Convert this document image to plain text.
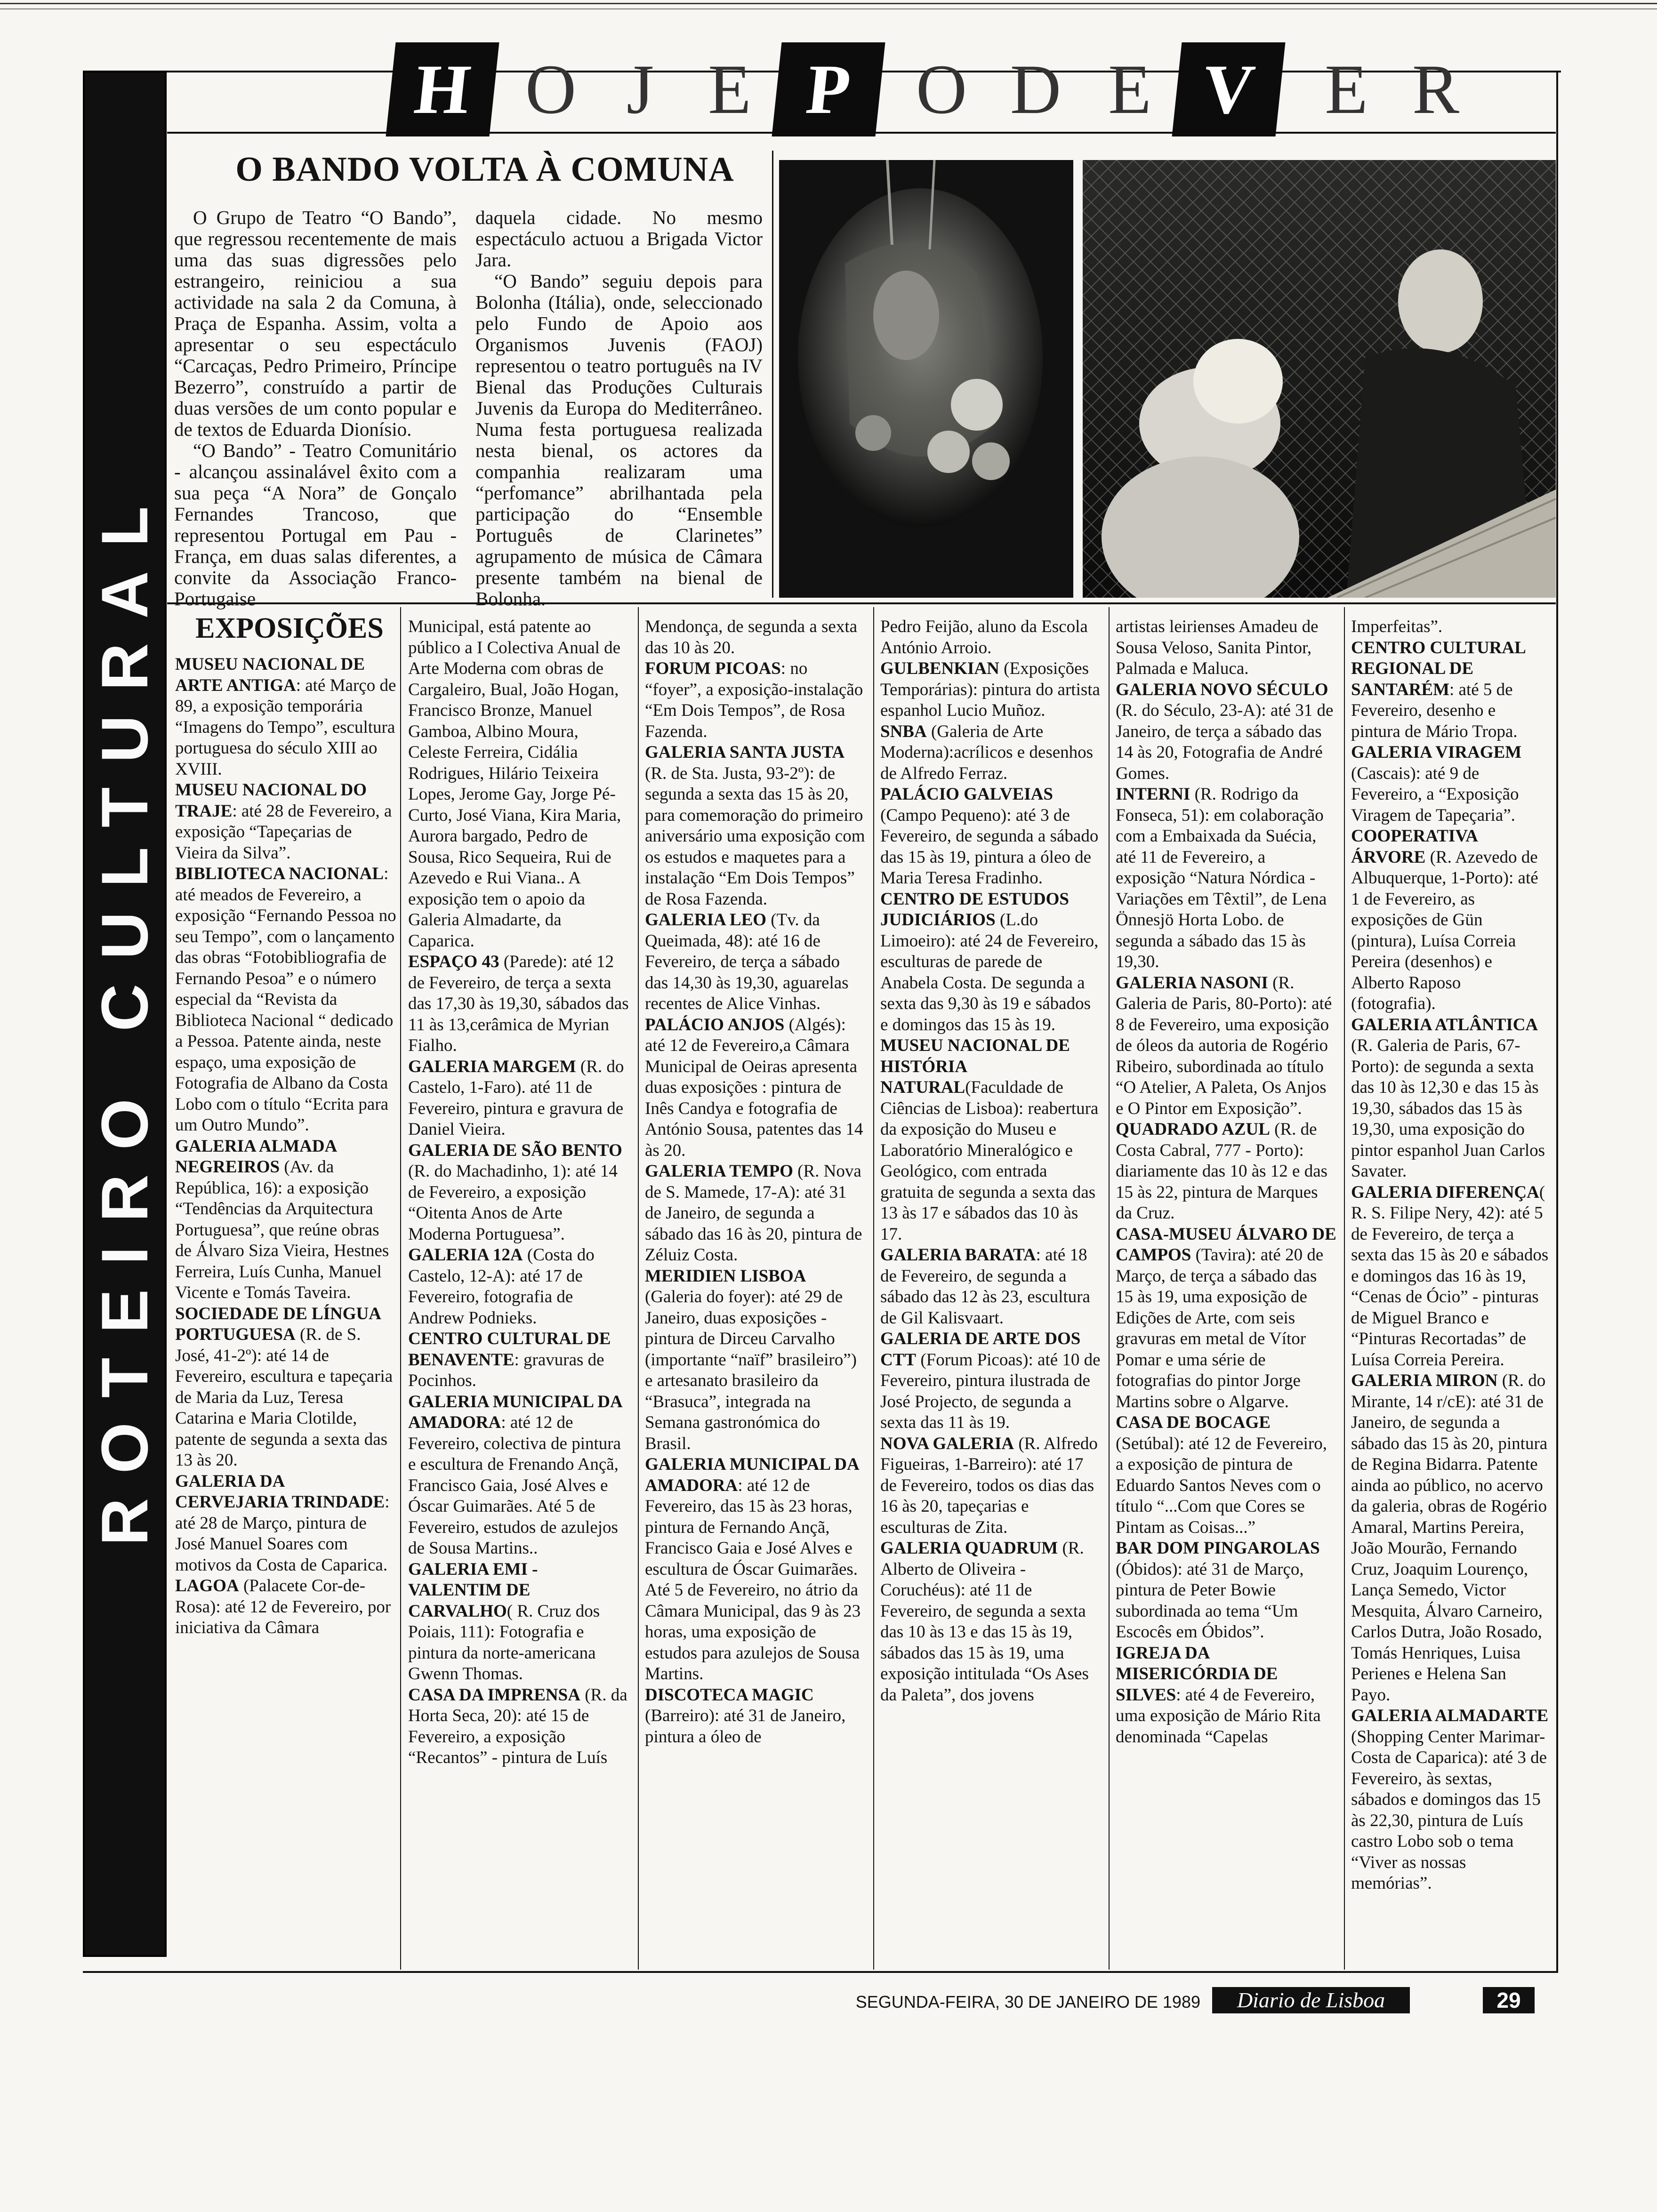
ROTEIRO CULTURAL
H O J E P O D E V E R
O BANDO VOLTA À COMUNA

O Grupo de Teatro “O Bando”, que regressou recentemente de mais uma das suas digressões pelo estrangeiro, reiniciou a sua actividade na sala 2 da Comuna, à Praça de Espanha. Assim, volta a apresentar o seu espectáculo “Carcaças, Pedro Primeiro, Príncipe Bezerro”, construído a partir de duas versões de um conto popular e de textos de Eduarda Dionísio.

“O Bando” - Teatro Comunitário - alcançou assinalável êxito com a sua peça “A Nora” de Gonçalo Fernandes Trancoso, que representou Portugal em Pau - França, em duas salas diferentes, a convite da Associação Franco-Portugaise

daquela cidade. No mesmo espectáculo actuou a Brigada Victor Jara.

“O Bando” seguiu depois para Bolonha (Itália), onde, seleccionado pelo Fundo de Apoio aos Organismos Juvenis (FAOJ) representou o teatro português na IV Bienal das Produções Culturais Juvenis da Europa do Mediterrâneo. Numa festa portuguesa realizada nesta bienal, os actores da companhia realizaram uma “perfomance” abrilhantada pela participação do “Ensemble Português de Clarinetes” agrupamento de música de Câmara presente também na bienal de Bolonha.

EXPOSIÇÕES
MUSEU NACIONAL DE ARTE ANTIGA: até Março de 89, a exposição temporária “Imagens do Tempo”, escultura portuguesa do século XIII ao XVIII.
MUSEU NACIONAL DO TRAJE: até 28 de Fevereiro, a exposição “Tapeçarias de Vieira da Silva”.
BIBLIOTECA NACIONAL: até meados de Fevereiro, a exposição “Fernando Pessoa no seu Tempo”, com o lançamento das obras “Fotobibliografia de Fernando Pesoa” e o número especial da “Revista da Biblioteca Nacional “ dedicado a Pessoa. Patente ainda, neste espaço, uma exposição de Fotografia de Albano da Costa Lobo com o título “Ecrita para um Outro Mundo”.
GALERIA ALMADA NEGREIROS (Av. da República, 16): a exposição “Tendências da Arquitectura Portuguesa”, que reúne obras de Álvaro Siza Vieira, Hestnes Ferreira, Luís Cunha, Manuel Vicente e Tomás Taveira.
SOCIEDADE DE LÍNGUA PORTUGUESA (R. de S. José, 41-2º): até 14 de Fevereiro, escultura e tapeçaria de Maria da Luz, Teresa Catarina e Maria Clotilde, patente de segunda a sexta das 13 às 20.
GALERIA DA CERVEJARIA TRINDADE: até 28 de Março, pintura de José Manuel Soares com motivos da Costa de Caparica.
LAGOA (Palacete Cor-de-Rosa): até 12 de Fevereiro, por iniciativa da Câmara
Municipal, está patente ao público a I Colectiva Anual de Arte Moderna com obras de Cargaleiro, Bual, João Hogan, Francisco Bronze, Manuel Gamboa, Albino Moura, Celeste Ferreira, Cidália Rodrigues, Hilário Teixeira Lopes, Jerome Gay, Jorge Pé-Curto, José Viana, Kira Maria, Aurora bargado, Pedro de Sousa, Rico Sequeira, Rui de Azevedo e Rui Viana.. A exposição tem o apoio da Galeria Almadarte, da Caparica.
ESPAÇO 43 (Parede): até 12 de Fevereiro, de terça a sexta das 17,30 às 19,30, sábados das 11 às 13,cerâmica de Myrian Fialho.
GALERIA MARGEM (R. do Castelo, 1-Faro). até 11 de Fevereiro, pintura e gravura de Daniel Vieira.
GALERIA DE SÃO BENTO (R. do Machadinho, 1): até 14 de Fevereiro, a exposição “Oitenta Anos de Arte Moderna Portuguesa”.
GALERIA 12A (Costa do Castelo, 12-A): até 17 de Fevereiro, fotografia de Andrew Podnieks.
CENTRO CULTURAL DE BENAVENTE: gravuras de Pocinhos.
GALERIA MUNICIPAL DA AMADORA: até 12 de Fevereiro, colectiva de pintura e escultura de Frenando Ançã, Francisco Gaia, José Alves e Óscar Guimarães. Até 5 de Fevereiro, estudos de azulejos de Sousa Martins..
GALERIA EMI - VALENTIM DE CARVALHO( R. Cruz dos Poiais, 111): Fotografia e pintura da norte-americana Gwenn Thomas.
CASA DA IMPRENSA (R. da Horta Seca, 20): até 15 de Fevereiro, a exposição “Recantos” - pintura de Luís
Mendonça, de segunda a sexta das 10 às 20.
FORUM PICOAS: no “foyer”, a exposição-instalação “Em Dois Tempos”, de Rosa Fazenda.
GALERIA SANTA JUSTA (R. de Sta. Justa, 93-2º): de segunda a sexta das 15 às 20, para comemoração do primeiro aniversário uma exposição com os estudos e maquetes para a instalação “Em Dois Tempos” de Rosa Fazenda.
GALERIA LEO (Tv. da Queimada, 48): até 16 de Fevereiro, de terça a sábado das 14,30 às 19,30, aguarelas recentes de Alice Vinhas.
PALÁCIO ANJOS (Algés): até 12 de Fevereiro,a Câmara Municipal de Oeiras apresenta duas exposições : pintura de Inês Candya e fotografia de António Sousa, patentes das 14 às 20.
GALERIA TEMPO (R. Nova de S. Mamede, 17-A): até 31 de Janeiro, de segunda a sábado das 16 às 20, pintura de Zéluiz Costa.
MERIDIEN LISBOA (Galeria do foyer): até 29 de Janeiro, duas exposições - pintura de Dirceu Carvalho (importante “naïf” brasileiro”) e artesanato brasileiro da “Brasuca”, integrada na Semana gastronómica do Brasil.
GALERIA MUNICIPAL DA AMADORA: até 12 de Fevereiro, das 15 às 23 horas, pintura de Fernando Ançã, Francisco Gaia e José Alves e escultura de Óscar Guimarães. Até 5 de Fevereiro, no átrio da Câmara Municipal, das 9 às 23 horas, uma exposição de estudos para azulejos de Sousa Martins.
DISCOTECA MAGIC (Barreiro): até 31 de Janeiro, pintura a óleo de
Pedro Feijão, aluno da Escola António Arroio.
GULBENKIAN (Exposições Temporárias): pintura do artista espanhol Lucio Muñoz.
SNBA (Galeria de Arte Moderna):acrílicos e desenhos de Alfredo Ferraz.
PALÁCIO GALVEIAS (Campo Pequeno): até 3 de Fevereiro, de segunda a sábado das 15 às 19, pintura a óleo de Maria Teresa Fradinho.
CENTRO DE ESTUDOS JUDICIÁRIOS (L.do Limoeiro): até 24 de Fevereiro, esculturas de parede de Anabela Costa. De segunda a sexta das 9,30 às 19 e sábados e domingos das 15 às 19.
MUSEU NACIONAL DE HISTÓRIA NATURAL(Faculdade de Ciências de Lisboa): reabertura da exposição do Museu e Laboratório Mineralógico e Geológico, com entrada gratuita de segunda a sexta das 13 às 17 e sábados das 10 às 17.
GALERIA BARATA: até 18 de Fevereiro, de segunda a sábado das 12 às 23, escultura de Gil Kalisvaart.
GALERIA DE ARTE DOS CTT (Forum Picoas): até 10 de Fevereiro, pintura ilustrada de José Projecto, de segunda a sexta das 11 às 19.
NOVA GALERIA (R. Alfredo Figueiras, 1-Barreiro): até 17 de Fevereiro, todos os dias das 16 às 20, tapeçarias e esculturas de Zita.
GALERIA QUADRUM (R. Alberto de Oliveira - Coruchéus): até 11 de Fevereiro, de segunda a sexta das 10 às 13 e das 15 às 19, sábados das 15 às 19, uma exposição intitulada “Os Ases da Paleta”, dos jovens
artistas leirienses Amadeu de Sousa Veloso, Sanita Pintor, Palmada e Maluca.
GALERIA NOVO SÉCULO (R. do Século, 23-A): até 31 de Janeiro, de terça a sábado das 14 às 20, Fotografia de André Gomes.
INTERNI (R. Rodrigo da Fonseca, 51): em colaboração com a Embaixada da Suécia, até 11 de Fevereiro, a exposição “Natura Nórdica - Variações em Têxtil”, de Lena Önnesjö Horta Lobo. de segunda a sábado das 15 às 19,30.
GALERIA NASONI (R. Galeria de Paris, 80-Porto): até 8 de Fevereiro, uma exposição de óleos da autoria de Rogério Ribeiro, subordinada ao título “O Atelier, A Paleta, Os Anjos e O Pintor em Exposição”.
QUADRADO AZUL (R. de Costa Cabral, 777 - Porto): diariamente das 10 às 12 e das 15 às 22, pintura de Marques da Cruz.
CASA-MUSEU ÁLVARO DE CAMPOS (Tavira): até 20 de Março, de terça a sábado das 15 às 19, uma exposição de Edições de Arte, com seis gravuras em metal de Vítor Pomar e uma série de fotografias do pintor Jorge Martins sobre o Algarve.
CASA DE BOCAGE (Setúbal): até 12 de Fevereiro, a exposição de pintura de Eduardo Santos Neves com o título “...Com que Cores se Pintam as Coisas...”
BAR DOM PINGAROLAS (Óbidos): até 31 de Março, pintura de Peter Bowie subordinada ao tema “Um Escocês em Óbidos”.
IGREJA DA MISERICÓRDIA DE SILVES: até 4 de Fevereiro, uma exposição de Mário Rita denominada “Capelas
Imperfeitas”.
CENTRO CULTURAL REGIONAL DE SANTARÉM: até 5 de Fevereiro, desenho e pintura de Mário Tropa.
GALERIA VIRAGEM (Cascais): até 9 de Fevereiro, a “Exposição Viragem de Tapeçaria”.
COOPERATIVA ÁRVORE (R. Azevedo de Albuquerque, 1-Porto): até 1 de Fevereiro, as exposições de Gün (pintura), Luísa Correia Pereira (desenhos) e Alberto Raposo (fotografia).
GALERIA ATLÂNTICA (R. Galeria de Paris, 67-Porto): de segunda a sexta das 10 às 12,30 e das 15 às 19,30, sábados das 15 às 19,30, uma exposição do pintor espanhol Juan Carlos Savater.
GALERIA DIFERENÇA( R. S. Filipe Nery, 42): até 5 de Fevereiro, de terça a sexta das 15 às 20 e sábados e domingos das 16 às 19, “Cenas de Ócio” - pinturas de Miguel Branco e “Pinturas Recortadas” de Luísa Correia Pereira.
GALERIA MIRON (R. do Mirante, 14 r/cE): até 31 de Janeiro, de segunda a sábado das 15 às 20, pintura de Regina Bidarra. Patente ainda ao público, no acervo da galeria, obras de Rogério Amaral, Martins Pereira, João Mourão, Fernando Cruz, Joaquim Lourenço, Lança Semedo, Victor Mesquita, Álvaro Carneiro, Carlos Dutra, João Rosado, Tomás Henriques, Luisa Perienes e Helena San Payo.
GALERIA ALMADARTE (Shopping Center Marimar-Costa de Caparica): até 3 de Fevereiro, às sextas, sábados e domingos das 15 às 22,30, pintura de Luís castro Lobo sob o tema “Viver as nossas memórias”.
SEGUNDA-FEIRA, 30 DE JANEIRO DE 1989	Diario de Lisboa	29
